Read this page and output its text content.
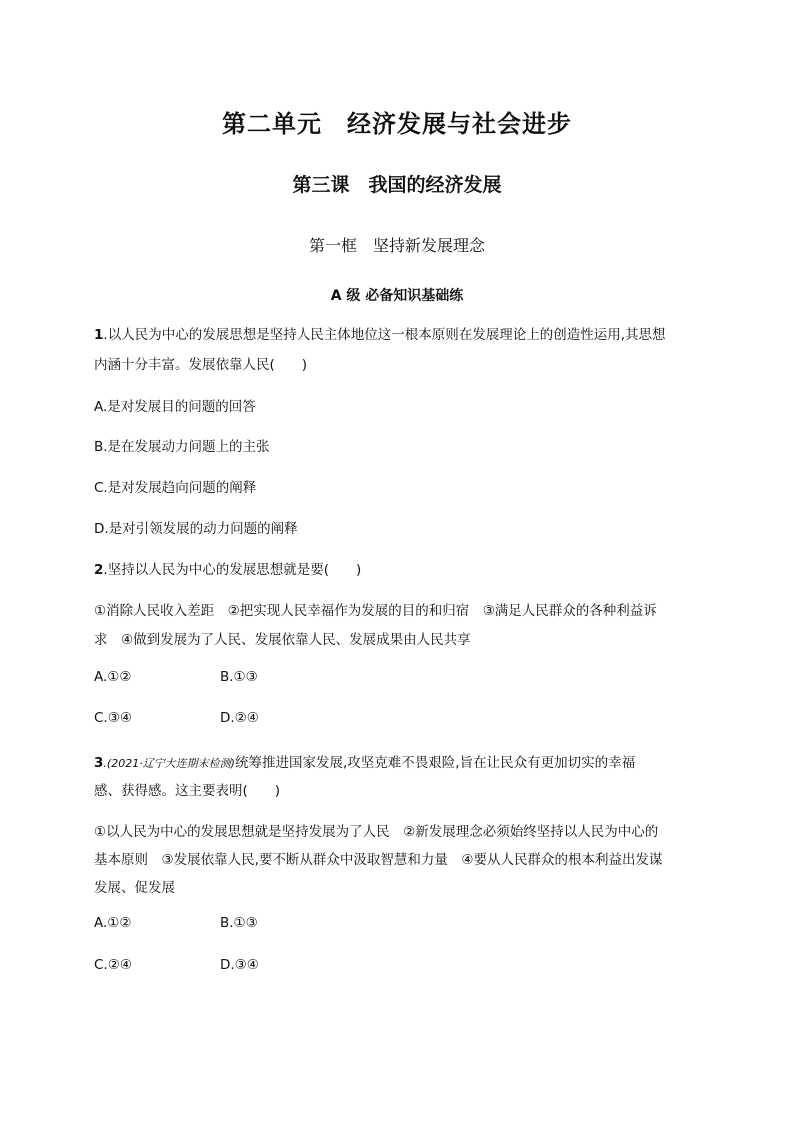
第二单元　经济发展与社会进步
第三课　我国的经济发展
第一框　坚持新发展理念
A 级 必备知识基础练
1.以人民为中心的发展思想是坚持人民主体地位这一根本原则在发展理论上的创造性运用,其思想
内涵十分丰富。发展依靠人民(　　)
A.是对发展目的问题的回答
B.是在发展动力问题上的主张
C.是对发展趋向问题的阐释
D.是对引领发展的动力问题的阐释
2.坚持以人民为中心的发展思想就是要(　　)
①消除人民收入差距　②把实现人民幸福作为发展的目的和归宿　③满足人民群众的各种利益诉
求　④做到发展为了人民、发展依靠人民、发展成果由人民共享
A.①②	B.①③
C.③④	D.②④
3.(2021·辽宁大连期末检测)统筹推进国家发展,攻坚克难不畏艰险,旨在让民众有更加切实的幸福
感、获得感。这主要表明(　　)
①以人民为中心的发展思想就是坚持发展为了人民　②新发展理念必须始终坚持以人民为中心的
基本原则　③发展依靠人民,要不断从群众中汲取智慧和力量　④要从人民群众的根本利益出发谋
发展、促发展
A.①②	B.①③
C.②④	D.③④
